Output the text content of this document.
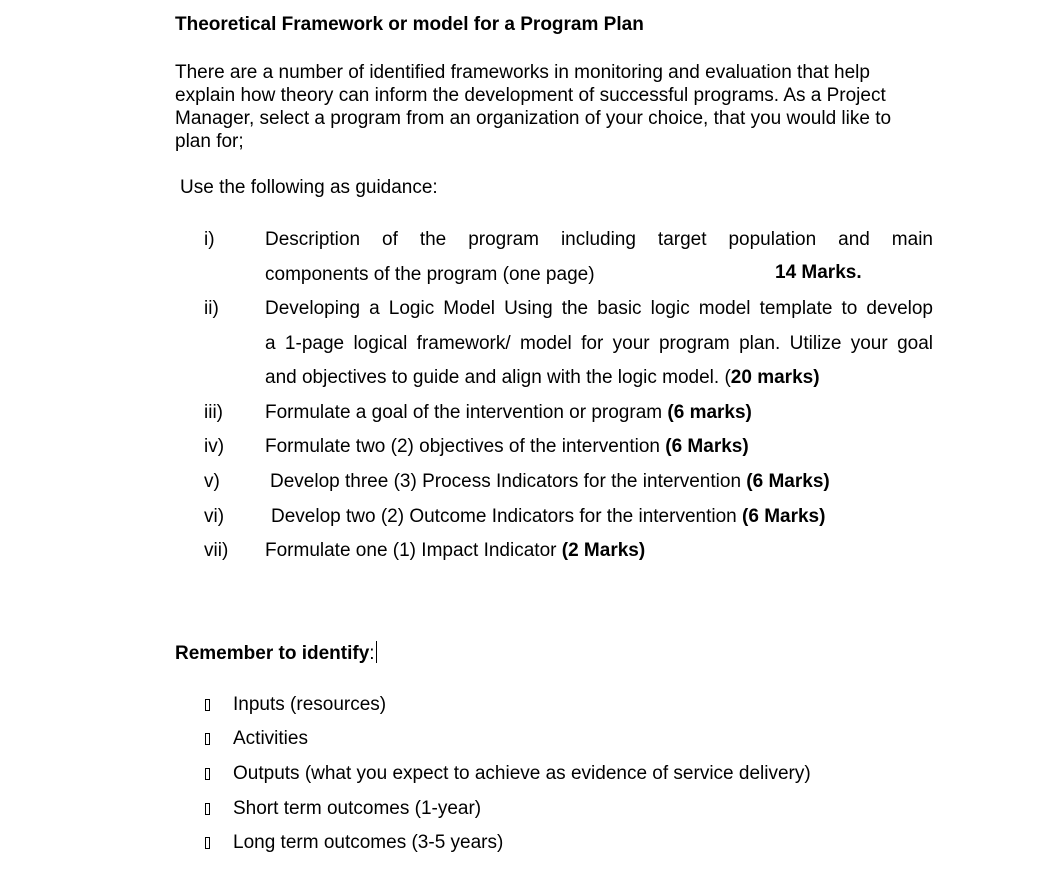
Theoretical Framework or model for a Program Plan
There are a number of identified frameworks in monitoring and evaluation that help
explain how theory can inform the development of successful programs. As a Project
Manager, select a program from an organization of your choice, that you would like to
plan for;
Use the following as guidance:
i)	Description of the program including target population and main
components of the program (one page)	14 Marks.
ii) Developing a Logic Model Using the basic logic model template to develop
a 1-page logical framework/ model for your program plan. Utilize your goal
and objectives to guide and align with the logic model. (20 marks)
iii) Formulate a goal of the intervention or program (6 marks)
iv) Formulate two (2) objectives of the intervention (6 Marks)
v)	Develop three (3) Process Indicators for the intervention (6 Marks)
vi) Develop two (2) Outcome Indicators for the intervention (6 Marks)
vii) Formulate one (1) Impact Indicator (2 Marks)
Remember to identify:
Inputs (resources)
Activities
Outputs (what you expect to achieve as evidence of service delivery)
Short term outcomes (1-year)
Long term outcomes (3-5 years)
